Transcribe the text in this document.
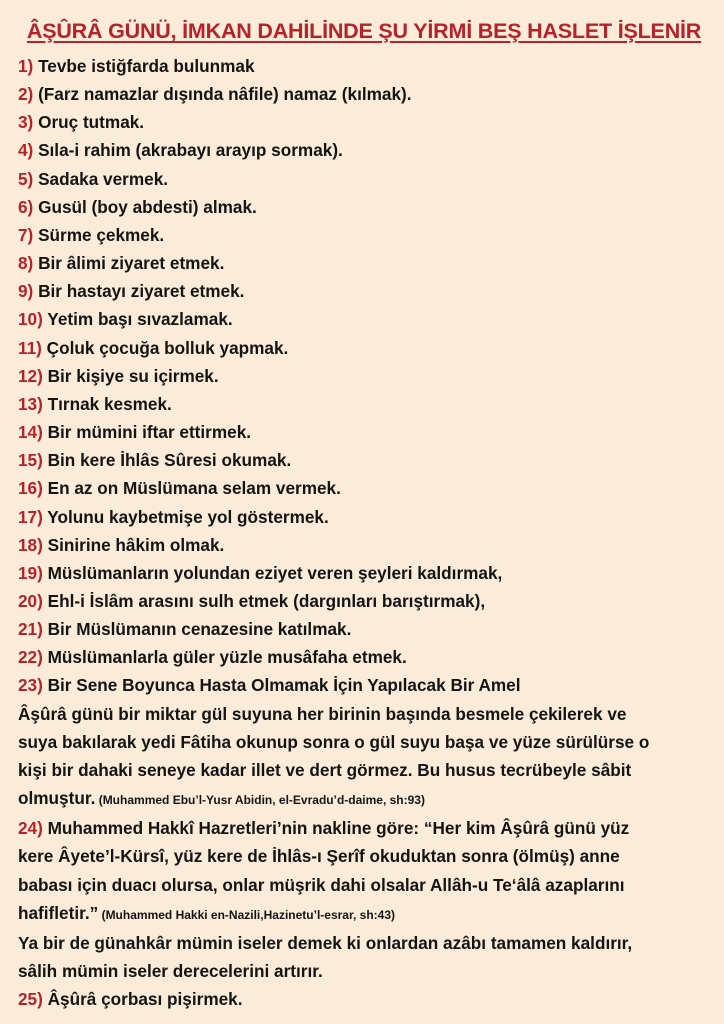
ÂŞÛRÂ GÜNÜ, İMKAN DAHİLİNDE ŞU YİRMİ BEŞ HASLET İŞLENİR
1) Tevbe istiğfarda bulunmak
2) (Farz namazlar dışında nâfile) namaz (kılmak).
3) Oruç tutmak.
4) Sıla-i rahim (akrabayı arayıp sormak).
5) Sadaka vermek.
6) Gusül (boy abdesti) almak.
7) Sürme çekmek.
8) Bir âlimi ziyaret etmek.
9) Bir hastayı ziyaret etmek.
10) Yetim başı sıvazlamak.
11) Çoluk çocuğa bolluk yapmak.
12) Bir kişiye su içirmek.
13) Tırnak kesmek.
14) Bir mümini iftar ettirmek.
15) Bin kere İhlâs Sûresi okumak.
16) En az on Müslümana selam vermek.
17) Yolunu kaybetmişe yol göstermek.
18) Sinirine hâkim olmak.
19) Müslümanların yolundan eziyet veren şeyleri kaldırmak,
20) Ehl-i İslâm arasını sulh etmek (dargınları barıştırmak),
21) Bir Müslümanın cenazesine katılmak.
22) Müslümanlarla güler yüzle musâfaha etmek.
23) Bir Sene Boyunca Hasta Olmamak İçin Yapılacak Bir Amel
Âşûrâ günü bir miktar gül suyuna her birinin başında besmele çekilerek ve
suya bakılarak yedi Fâtiha okunup sonra o gül suyu başa ve yüze sürülürse o
kişi bir dahaki seneye kadar illet ve dert görmez. Bu husus tecrübeyle sâbit
olmuştur. (Muhammed Ebu’l-Yusr Abidin, el-Evradu’d-daime, sh:93)
24) Muhammed Hakkî Hazretleri’nin nakline göre: “Her kim Âşûrâ günü yüz
kere Âyete’l-Kürsî, yüz kere de İhlâs-ı Şerîf okuduktan sonra (ölmüş) anne
babası için duacı olursa, onlar müşrik dahi olsalar Allâh-u Te‘âlâ azaplarını
hafifletir.” (Muhammed Hakki en-Nazili,Hazinetu’l-esrar, sh:43)
Ya bir de günahkâr mümin iseler demek ki onlardan azâbı tamamen kaldırır,
sâlih mümin iseler derecelerini artırır.
25) Âşûrâ çorbası pişirmek.
